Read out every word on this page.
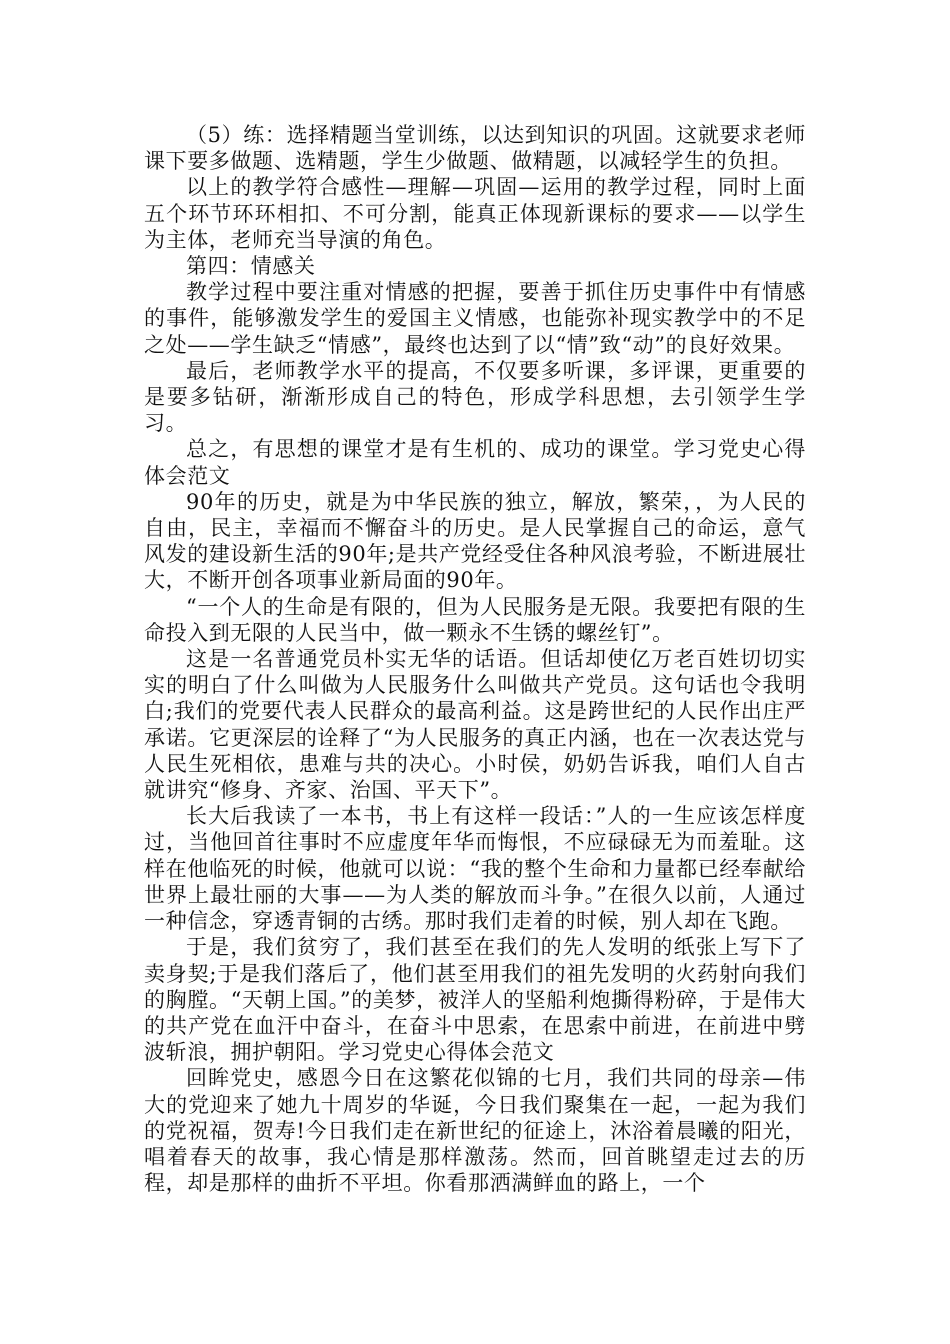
（5）练：选择精题当堂训练，以达到知识的巩固。这就要求老师课下要多做题、选精题，学生少做题、做精题，以减轻学生的负担。

以上的教学符合感性—理解—巩固—运用的教学过程，同时上面五个环节环环相扣、不可分割，能真正体现新课标的要求——以学生为主体，老师充当导演的角色。

第四：情感关

教学过程中要注重对情感的把握，要善于抓住历史事件中有情感的事件，能够激发学生的爱国主义情感，也能弥补现实教学中的不足之处——学生缺乏“情感”，最终也达到了以“情”致“动”的良好效果。

最后，老师教学水平的提高，不仅要多听课，多评课，更重要的是要多钻研，渐渐形成自己的特色，形成学科思想，去引领学生学习。

总之，有思想的课堂才是有生机的、成功的课堂。学习党史心得体会范文

90年的历史，就是为中华民族的独立，解放，繁荣，，为人民的自由，民主，幸福而不懈奋斗的历史。是人民掌握自己的命运，意气风发的建设新生活的90年;是共产党经受住各种风浪考验，不断进展壮大，不断开创各项事业新局面的90年。

“一个人的生命是有限的，但为人民服务是无限。我要把有限的生命投入到无限的人民当中，做一颗永不生锈的螺丝钉”。

这是一名普通党员朴实无华的话语。但话却使亿万老百姓切切实实的明白了什么叫做为人民服务什么叫做共产党员。这句话也令我明白;我们的党要代表人民群众的最高利益。这是跨世纪的人民作出庄严承诺。它更深层的诠释了“为人民服务的真正内涵，也在一次表达党与人民生死相依，患难与共的决心。小时侯，奶奶告诉我，咱们人自古就讲究“修身、齐家、治国、平天下”。

长大后我读了一本书，书上有这样一段话：”人的一生应该怎样度过，当他回首往事时不应虚度年华而悔恨，不应碌碌无为而羞耻。这样在他临死的时候，他就可以说：“我的整个生命和力量都已经奉献给世界上最壮丽的大事——为人类的解放而斗争。”在很久以前，人通过一种信念，穿透青铜的古绣。那时我们走着的时候，别人却在飞跑。

于是，我们贫穷了，我们甚至在我们的先人发明的纸张上写下了卖身契;于是我们落后了，他们甚至用我们的祖先发明的火药射向我们的胸膛。“天朝上国。”的美梦，被洋人的坚船利炮撕得粉碎，于是伟大的共产党在血汗中奋斗，在奋斗中思索，在思索中前进，在前进中劈波斩浪，拥护朝阳。学习党史心得体会范文

回眸党史，感恩今日在这繁花似锦的七月，我们共同的母亲—伟大的党迎来了她九十周岁的华诞，今日我们聚集在一起，一起为我们的党祝福，贺寿!今日我们走在新世纪的征途上，沐浴着晨曦的阳光，唱着春天的故事，我心情是那样激荡。然而，回首眺望走过去的历程，却是那样的曲折不平坦。你看那洒满鲜血的路上，一个
